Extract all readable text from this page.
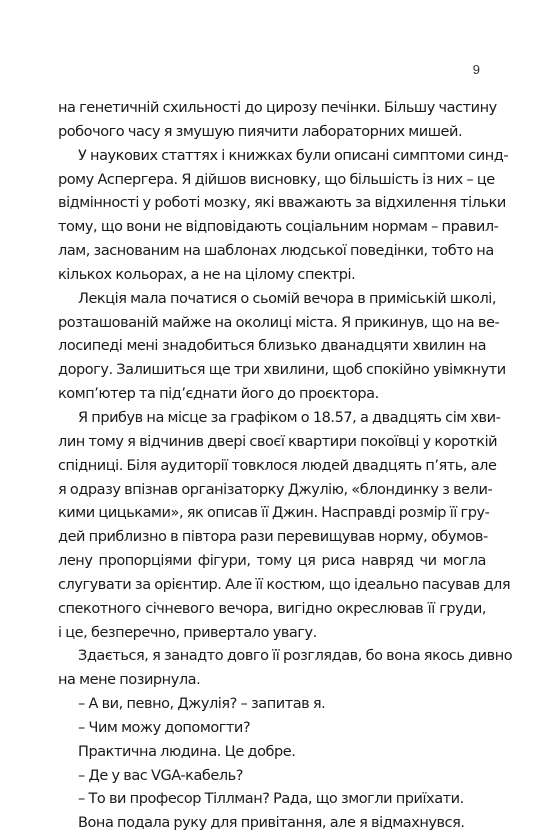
9
на генетичній схильності до цирозу печінки. Більшу частину
робочого часу я змушую пиячити лабораторних мишей.
У наукових статтях і книжках були описані симптоми синд-
рому Аспергера. Я дійшов висновку, що більшість із них – це
відмінності у роботі мозку, які вважають за відхилення тільки
тому, що вони не відповідають соціальним нормам – правил-
лам, заснованим на шаблонах людської поведінки, тобто на
кількох кольорах, а не на цілому спектрі.
Лекція мала початися о сьомій вечора в приміській школі,
розташованій майже на околиці міста. Я прикинув, що на ве-
лосипеді мені знадобиться близько дванадцяти хвилин на
дорогу. Залишиться ще три хвилини, щоб спокійно увімкнути
комп’ютер та під’єднати його до проєктора.
Я прибув на місце за графіком о 18.57, а двадцять сім хви-
лин тому я відчинив двері своєї квартири покоївці у короткій
спідниці. Біля аудиторії товклося людей двадцять п’ять, але
я одразу впізнав організаторку Джулію, «блондинку з вели-
кими цицьками», як описав її Джин. Насправді розмір її гру-
дей приблизно в півтора рази перевищував норму, обумов-
лену пропорціями фігури, тому ця риса навряд чи могла
слугувати за орієнтир. Але її костюм, що ідеально пасував для
спекотного січневого вечора, вигідно окреслював її груди,
і це, безперечно, привертало увагу.
Здається, я занадто довго її розглядав, бо вона якось дивно
на мене позирнула.
– А ви, певно, Джулія? – запитав я.
– Чим можу допомогти?
Практична людина. Це добре.
– Де у вас VGA-кабель?
– То ви професор Тіллман? Рада, що змогли приїхати.
Вона подала руку для привітання, але я відмахнувся.
